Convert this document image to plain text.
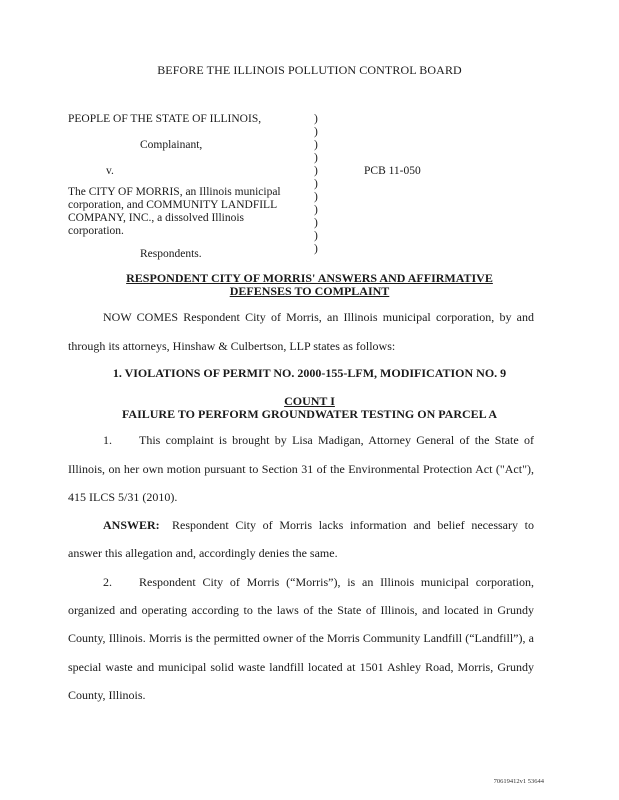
BEFORE THE ILLINOIS POLLUTION CONTROL BOARD
PEOPLE OF THE STATE OF ILLINOIS,
Complainant,
v.
The CITY OF MORRIS, an Illinois municipal
corporation, and COMMUNITY LANDFILL
COMPANY, INC., a dissolved Illinois
corporation.
Respondents.
)
)
)
)
)
)
)
)
)
)
)
PCB 11-050
RESPONDENT CITY OF MORRIS' ANSWERS AND AFFIRMATIVE
DEFENSES TO COMPLAINT
NOW COMES Respondent City of Morris, an Illinois municipal corporation, by and
through its attorneys, Hinshaw & Culbertson, LLP states as follows:
1. VIOLATIONS OF PERMIT NO. 2000-155-LFM, MODIFICATION NO. 9
COUNT I
FAILURE TO PERFORM GROUNDWATER TESTING ON PARCEL A
1.	This complaint is brought by Lisa Madigan, Attorney General of the State of
Illinois, on her own motion pursuant to Section 31 of the Environmental Protection Act ("Act"),
415 ILCS 5/31 (2010).
ANSWER:	Respondent City of Morris lacks information and belief necessary to
answer this allegation and, accordingly denies the same.
2.	Respondent City of Morris (“Morris”), is an Illinois municipal corporation,
organized and operating according to the laws of the State of Illinois, and located in Grundy
County, Illinois. Morris is the permitted owner of the Morris Community Landfill (“Landfill”), a
special waste and municipal solid waste landfill located at 1501 Ashley Road, Morris, Grundy
County, Illinois.
70619412v1 53644
